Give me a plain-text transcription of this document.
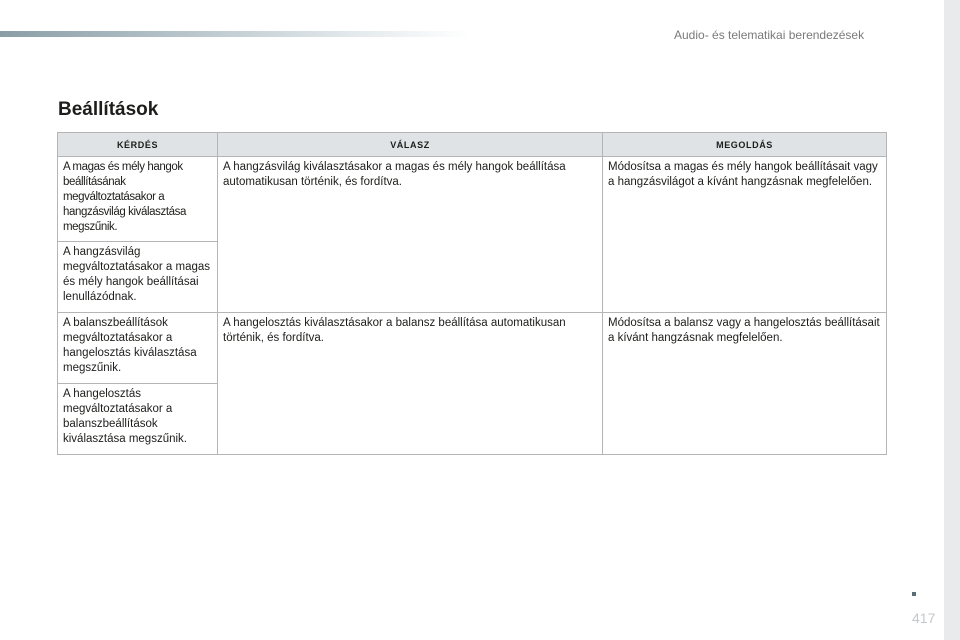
Audio- és telematikai berendezések
Beállítások
KÉRDÉS	VÁLASZ	MEGOLDÁS
A magas és mély hangok beállításának megváltoztatásakor a hangzásvilág kiválasztása megszűnik.	A hangzásvilág kiválasztásakor a magas és mély hangok beállítása automatikusan történik, és fordítva.	Módosítsa a magas és mély hangok beállításait vagy a hangzásvilágot a kívánt hangzásnak megfelelően.
A hangzásvilág megváltoztatásakor a magas és mély hangok beállításai lenullázódnak.		
A balanszbeállítások megváltoztatásakor a hangelosztás kiválasztása megszűnik.	A hangelosztás kiválasztásakor a balansz beállítása automatikusan történik, és fordítva.	Módosítsa a balansz vagy a hangelosztás beállításait a kívánt hangzásnak megfelelően.
A hangelosztás megváltoztatásakor a balanszbeállítások kiválasztása megszűnik.		
417
